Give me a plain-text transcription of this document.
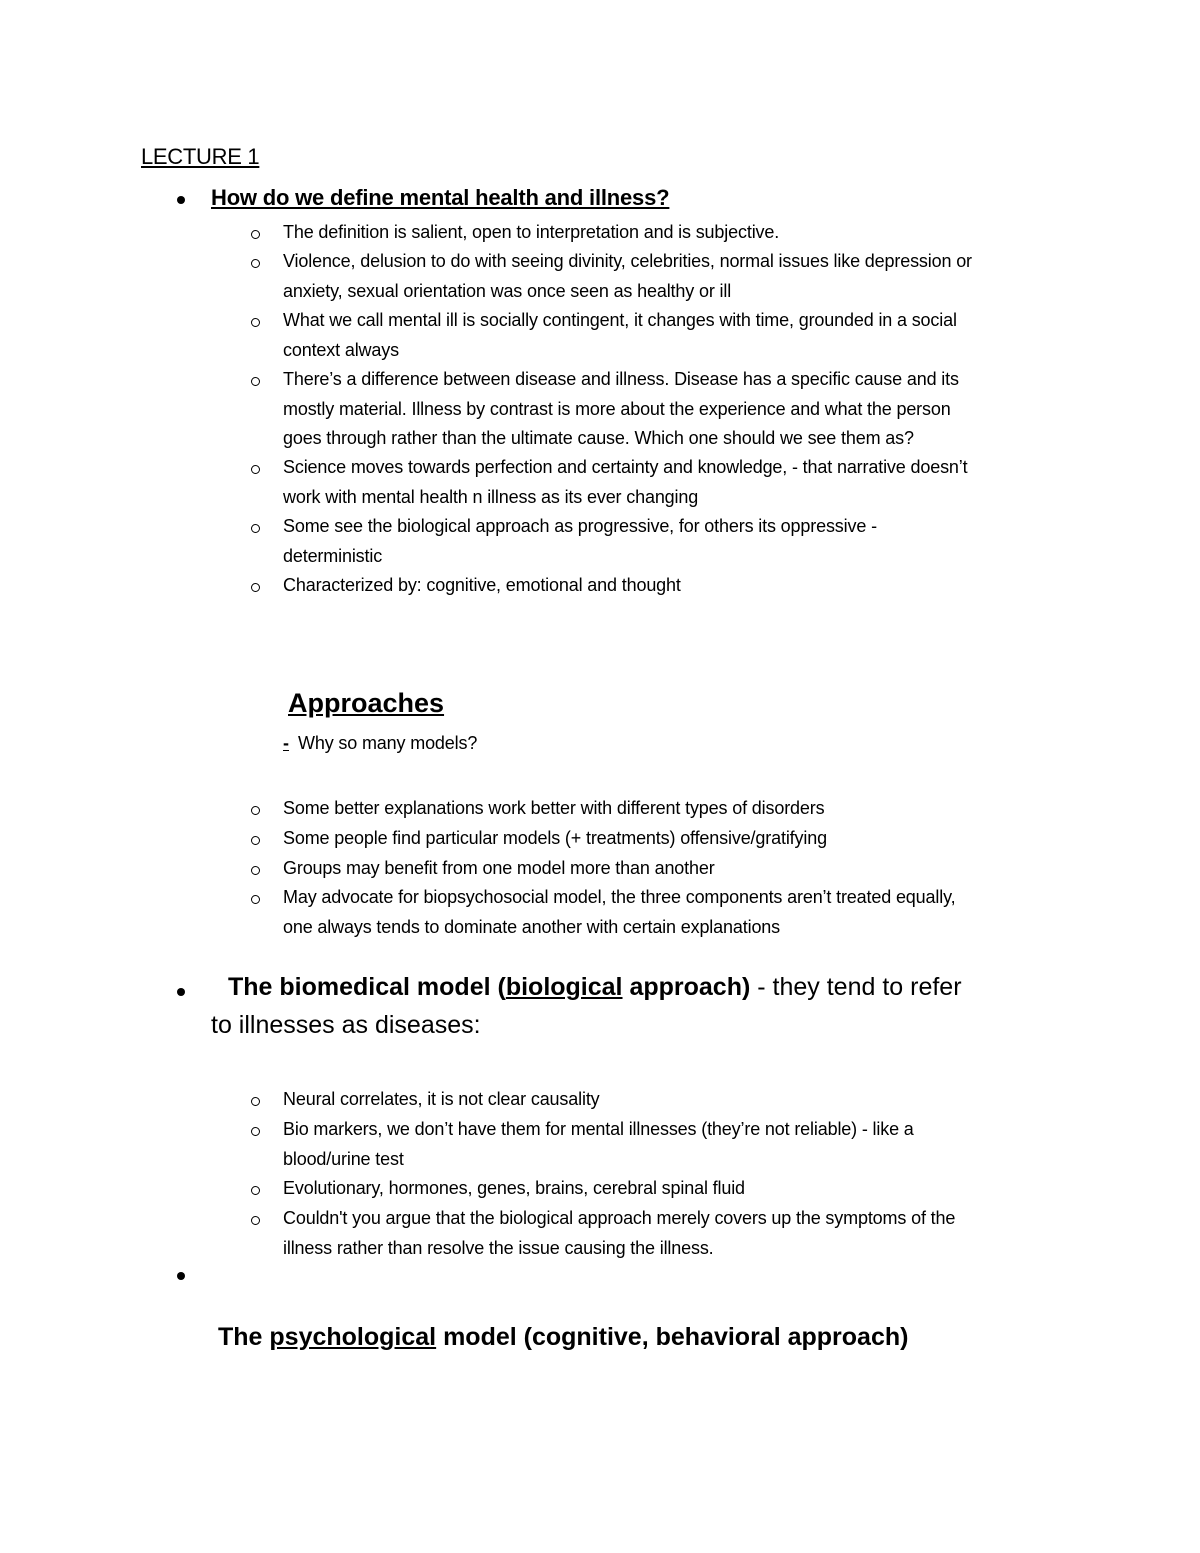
LECTURE 1
How do we define mental health and illness?
The definition is salient, open to interpretation and is subjective.
Violence, delusion to do with seeing divinity, celebrities, normal issues like depression or
anxiety, sexual orientation was once seen as healthy or ill
What we call mental ill is socially contingent, it changes with time, grounded in a social
context always
There’s a difference between disease and illness. Disease has a specific cause and its
mostly material. Illness by contrast is more about the experience and what the person
goes through rather than the ultimate cause. Which one should we see them as?
Science moves towards perfection and certainty and knowledge, - that narrative doesn’t
work with mental health n illness as its ever changing
Some see the biological approach as progressive, for others its oppressive -
deterministic
Characterized by: cognitive, emotional and thought
Approaches
- Why so many models?
Some better explanations work better with different types of disorders
Some people find particular models (+ treatments) offensive/gratifying
Groups may benefit from one model more than another
May advocate for biopsychosocial model, the three components aren’t treated equally,
one always tends to dominate another with certain explanations
The biomedical model (biological approach) - they tend to refer
to illnesses as diseases:
Neural correlates, it is not clear causality
Bio markers, we don’t have them for mental illnesses (they’re not reliable) - like a
blood/urine test
Evolutionary, hormones, genes, brains, cerebral spinal fluid
Couldn't you argue that the biological approach merely covers up the symptoms of the
illness rather than resolve the issue causing the illness.
The psychological model (cognitive, behavioral approach)
